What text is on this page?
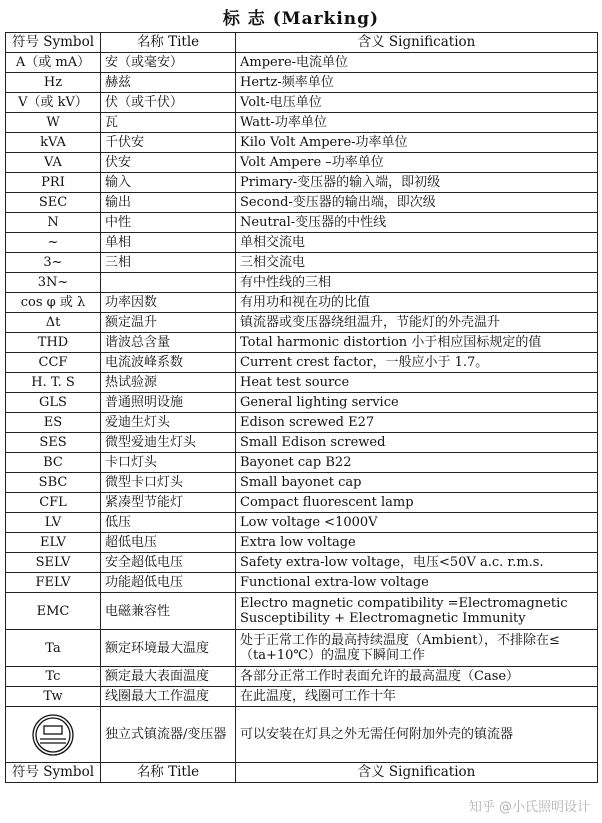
标 志 (Marking)
符号 Symbol	名称 Title	含义 Signification
A（或 mA）	安（或毫安）	Ampere-电流单位
Hz	赫兹	Hertz-频率单位
V（或 kV）	伏（或千伏）	Volt-电压单位
W	瓦	Watt-功率单位
kVA	千伏安	Kilo Volt Ampere-功率单位
VA	伏安	Volt Ampere –功率单位
PRI	输入	Primary-变压器的输入端，即初级
SEC	输出	Second-变压器的输出端，即次级
N	中性	Neutral-变压器的中性线
~	单相	单相交流电
3~	三相	三相交流电
3N~		有中性线的三相
cos φ 或 λ	功率因数	有用功和视在功的比值
Δt	额定温升	镇流器或变压器绕组温升，节能灯的外壳温升
THD	谐波总含量	Total harmonic distortion 小于相应国标规定的值
CCF	电流波峰系数	Current crest factor，一般应小于 1.7。
H. T. S	热试验源	Heat test source
GLS	普通照明设施	General lighting service
ES	爱迪生灯头	Edison screwed E27
SES	微型爱迪生灯头	Small Edison screwed
BC	卡口灯头	Bayonet cap B22
SBC	微型卡口灯头	Small bayonet cap
CFL	紧凑型节能灯	Compact fluorescent lamp
LV	低压	Low voltage <1000V
ELV	超低电压	Extra low voltage
SELV	安全超低电压	Safety extra-low voltage，电压<50V a.c. r.m.s.
FELV	功能超低电压	Functional extra-low voltage
EMC	电磁兼容性	Electro magnetic compatibility =Electromagnetic Susceptibility + Electromagnetic Immunity
Ta	额定环境最大温度	处于正常工作的最高持续温度（Ambient），不排除在≤（ta+10℃）的温度下瞬间工作
Tc	额定最大表面温度	各部分正常工作时表面允许的最高温度（Case）
Tw	线圈最大工作温度	在此温度，线圈可工作十年

	独立式镇流器/变压器	可以安装在灯具之外无需任何附加外壳的镇流器
符号 Symbol	名称 Title	含义 Signification
知乎 @小氏照明设计
